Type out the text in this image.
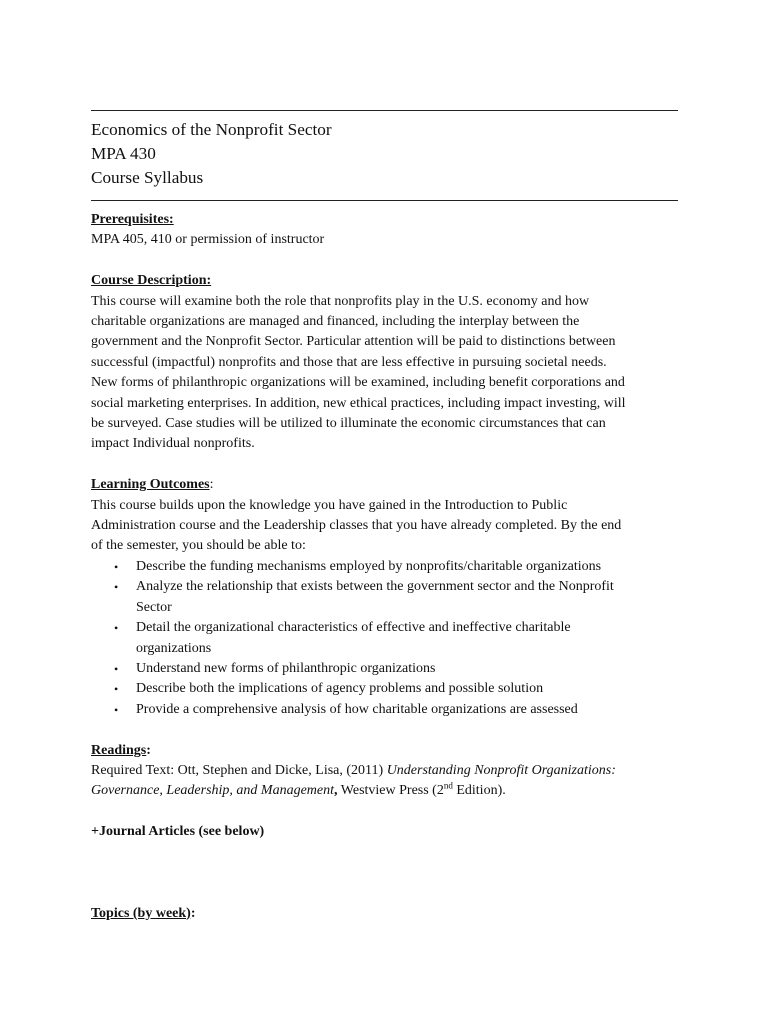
Economics of the Nonprofit Sector
MPA 430
Course Syllabus
Prerequisites:
MPA 405, 410 or permission of instructor
Course Description:
This course will examine both the role that nonprofits play in the U.S. economy and how
charitable organizations are managed and financed, including the interplay between the
government and the Nonprofit Sector. Particular attention will be paid to distinctions between
successful (impactful) nonprofits and those that are less effective in pursuing societal needs.
New forms of philanthropic organizations will be examined, including benefit corporations and
social marketing enterprises. In addition, new ethical practices, including impact investing, will
be surveyed. Case studies will be utilized to illuminate the economic circumstances that can
impact Individual nonprofits.
Learning Outcomes:
This course builds upon the knowledge you have gained in the Introduction to Public
Administration course and the Leadership classes that you have already completed. By the end
of the semester, you should be able to:
• Describe the funding mechanisms employed by nonprofits/charitable organizations
• Analyze the relationship that exists between the government sector and the Nonprofit
Sector
• Detail the organizational characteristics of effective and ineffective charitable
organizations
• Understand new forms of philanthropic organizations
• Describe both the implications of agency problems and possible solution
• Provide a comprehensive analysis of how charitable organizations are assessed
Readings:
Required Text: Ott, Stephen and Dicke, Lisa, (2011) Understanding Nonprofit Organizations:
Governance, Leadership, and Management, Westview Press (2nd Edition).
+Journal Articles (see below)
Topics (by week):
